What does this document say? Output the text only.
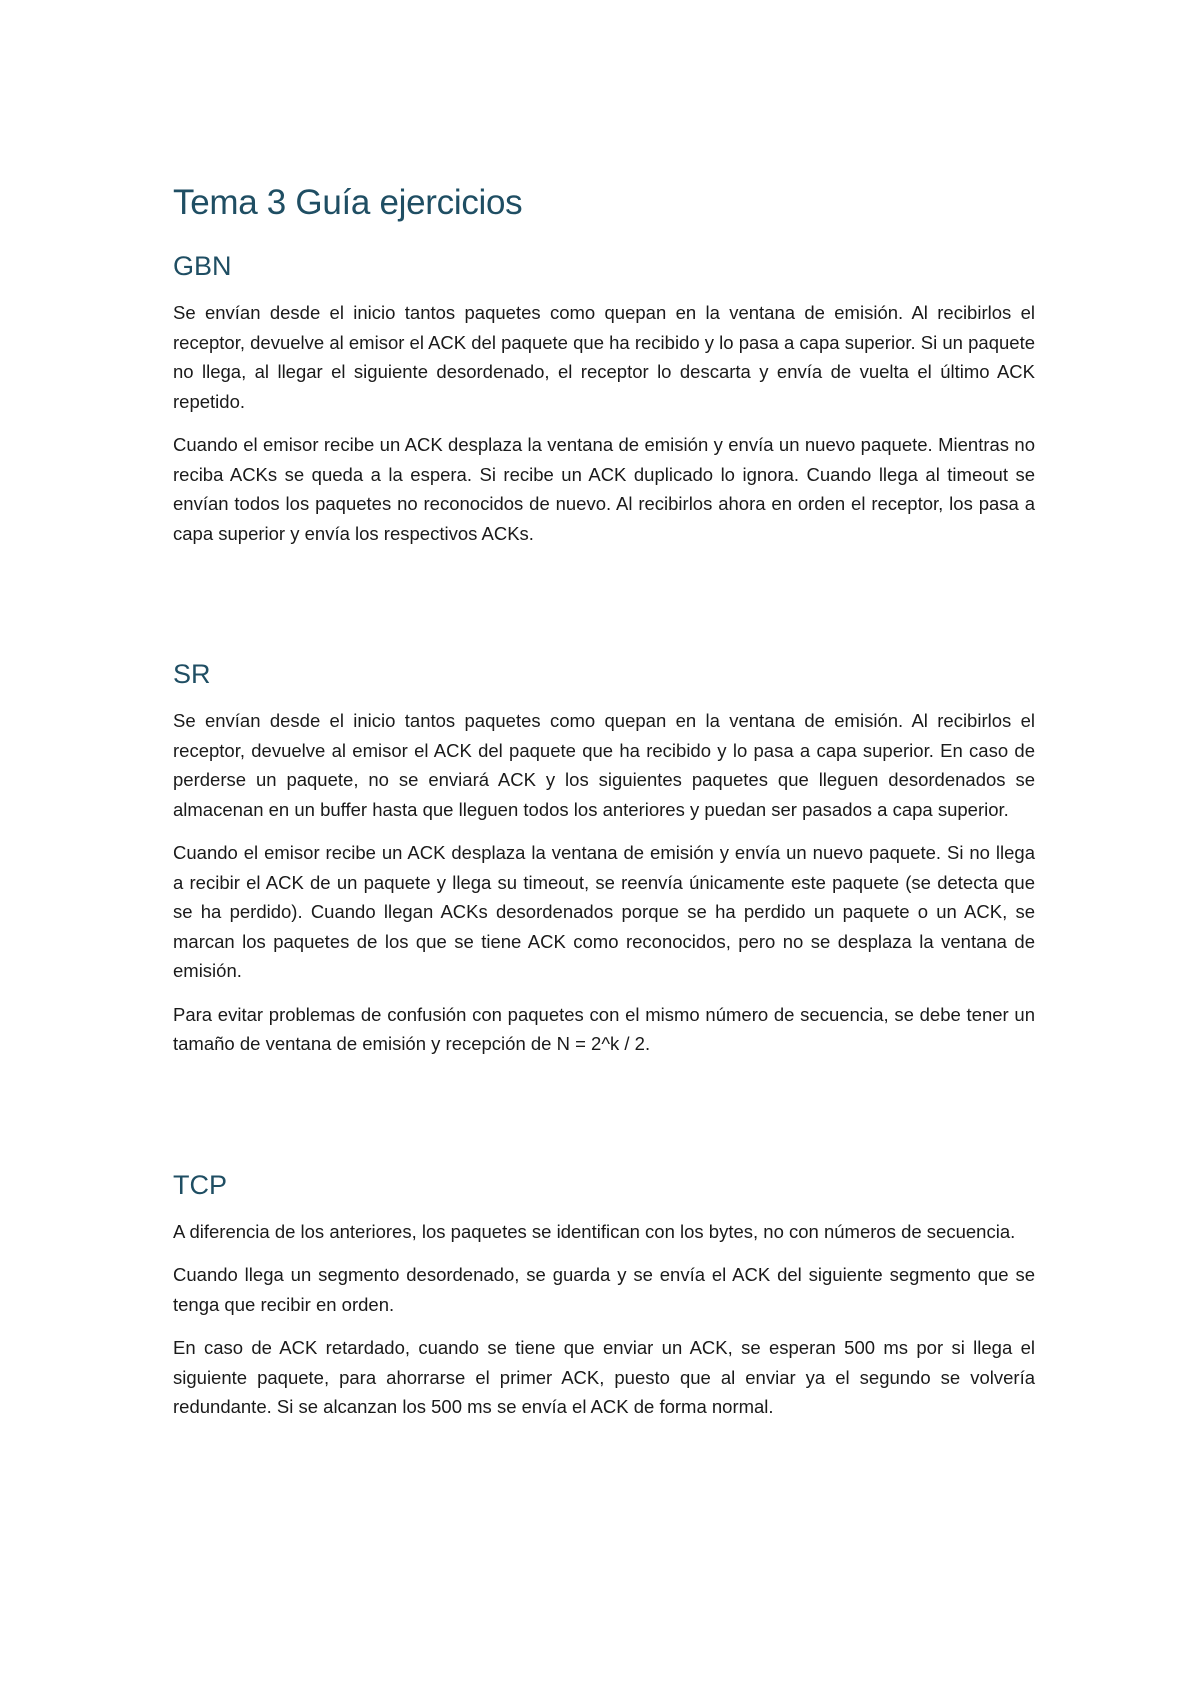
Tema 3 Guía ejercicios
GBN

Se envían desde el inicio tantos paquetes como quepan en la ventana de emisión. Al recibirlos el receptor, devuelve al emisor el ACK del paquete que ha recibido y lo pasa a capa superior. Si un paquete no llega, al llegar el siguiente desordenado, el receptor lo descarta y envía de vuelta el último ACK repetido.

Cuando el emisor recibe un ACK desplaza la ventana de emisión y envía un nuevo paquete. Mientras no reciba ACKs se queda a la espera. Si recibe un ACK duplicado lo ignora. Cuando llega al timeout se envían todos los paquetes no reconocidos de nuevo. Al recibirlos ahora en orden el receptor, los pasa a capa superior y envía los respectivos ACKs.

SR

Se envían desde el inicio tantos paquetes como quepan en la ventana de emisión. Al recibirlos el receptor, devuelve al emisor el ACK del paquete que ha recibido y lo pasa a capa superior. En caso de perderse un paquete, no se enviará ACK y los siguientes paquetes que lleguen desordenados se almacenan en un buffer hasta que lleguen todos los anteriores y puedan ser pasados a capa superior.

Cuando el emisor recibe un ACK desplaza la ventana de emisión y envía un nuevo paquete. Si no llega a recibir el ACK de un paquete y llega su timeout, se reenvía únicamente este paquete (se detecta que se ha perdido). Cuando llegan ACKs desordenados porque se ha perdido un paquete o un ACK, se marcan los paquetes de los que se tiene ACK como reconocidos, pero no se desplaza la ventana de emisión.

Para evitar problemas de confusión con paquetes con el mismo número de secuencia, se debe tener un tamaño de ventana de emisión y recepción de N = 2^k / 2.

TCP

A diferencia de los anteriores, los paquetes se identifican con los bytes, no con números de secuencia.

Cuando llega un segmento desordenado, se guarda y se envía el ACK del siguiente segmento que se tenga que recibir en orden.

En caso de ACK retardado, cuando se tiene que enviar un ACK, se esperan 500 ms por si llega el siguiente paquete, para ahorrarse el primer ACK, puesto que al enviar ya el segundo se volvería redundante. Si se alcanzan los 500 ms se envía el ACK de forma normal.
